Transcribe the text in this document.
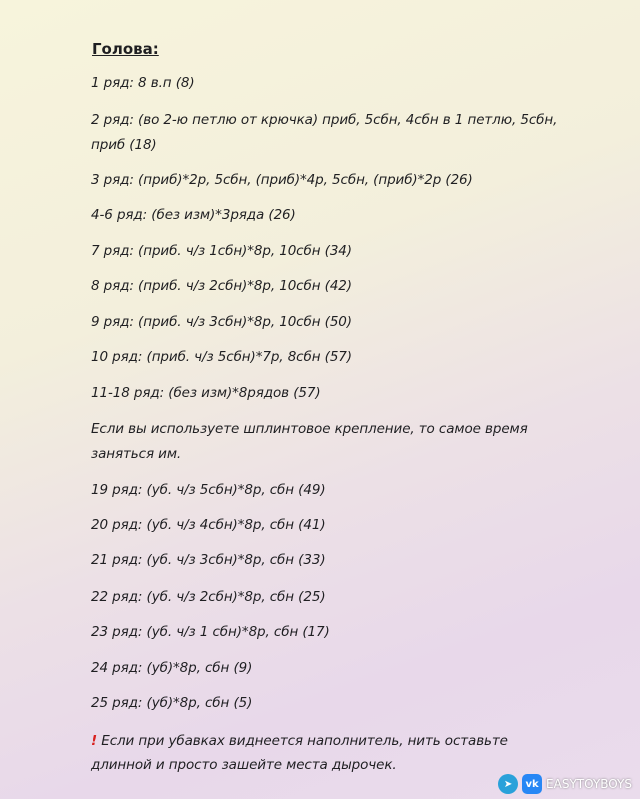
Голова:
1 ряд: 8 в.п (8)
2 ряд: (во 2-ю петлю от крючка) приб, 5сбн, 4сбн в 1 петлю, 5сбн,
приб (18)
3 ряд: (приб)*2р, 5сбн, (приб)*4р, 5сбн, (приб)*2р (26)
4-6 ряд: (без изм)*3ряда (26)
7 ряд: (приб. ч/з 1сбн)*8р, 10сбн (34)
8 ряд: (приб. ч/з 2сбн)*8р, 10сбн (42)
9 ряд: (приб. ч/з 3сбн)*8р, 10сбн (50)
10 ряд: (приб. ч/з 5сбн)*7р, 8сбн (57)
11-18 ряд: (без изм)*8рядов (57)
Если вы используете шплинтовое крепление, то самое время
заняться им.
19 ряд: (уб. ч/з 5сбн)*8р, сбн (49)
20 ряд: (уб. ч/з 4сбн)*8р, сбн (41)
21 ряд: (уб. ч/з 3сбн)*8р, сбн (33)
22 ряд: (уб. ч/з 2сбн)*8р, сбн (25)
23 ряд: (уб. ч/з 1 сбн)*8р, сбн (17)
24 ряд: (уб)*8р, сбн (9)
25 ряд: (уб)*8р, сбн (5)
! Если при убавках виднеется наполнитель, нить оставьте
длинной и просто зашейте места дырочек.
➤	vk EASYTOYBOYS
